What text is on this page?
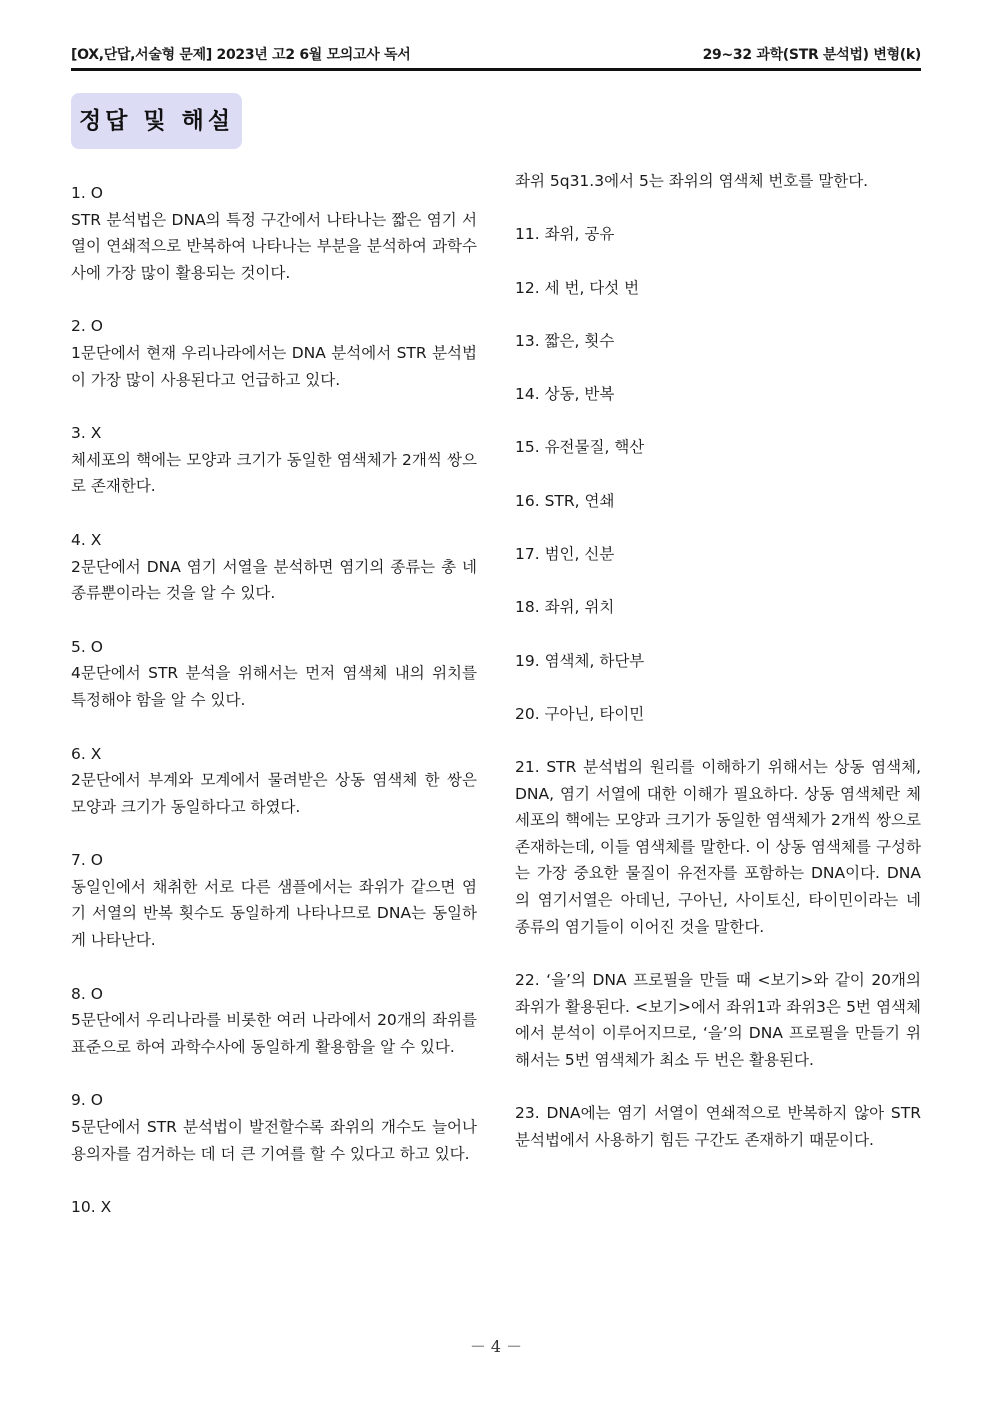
[OX,단답,서술형 문제] 2023년 고2 6월 모의고사 독서	29~32 과학(STR 분석법) 변형(k)
정답 및 해설
1. O
STR 분석법은 DNA의 특정 구간에서 나타나는 짧은 염기 서열이 연쇄적으로 반복하여 나타나는 부분을 분석하여 과학수사에 가장 많이 활용되는 것이다.
2. O
1문단에서 현재 우리나라에서는 DNA 분석에서 STR 분석법이 가장 많이 사용된다고 언급하고 있다.
3. X
체세포의 핵에는 모양과 크기가 동일한 염색체가 2개씩 쌍으로 존재한다.
4. X
2문단에서 DNA 염기 서열을 분석하면 염기의 종류는 총 네 종류뿐이라는 것을 알 수 있다.
5. O
4문단에서 STR 분석을 위해서는 먼저 염색체 내의 위치를 특정해야 함을 알 수 있다.
6. X
2문단에서 부계와 모계에서 물려받은 상동 염색체 한 쌍은 모양과 크기가 동일하다고 하였다.
7. O
동일인에서 채취한 서로 다른 샘플에서는 좌위가 같으면 염기 서열의 반복 횟수도 동일하게 나타나므로 DNA는 동일하게 나타난다.
8. O
5문단에서 우리나라를 비롯한 여러 나라에서 20개의 좌위를 표준으로 하여 과학수사에 동일하게 활용함을 알 수 있다.
9. O
5문단에서 STR 분석법이 발전할수록 좌위의 개수도 늘어나 용의자를 검거하는 데 더 큰 기여를 할 수 있다고 하고 있다.
10. X
좌위 5q31.3에서 5는 좌위의 염색체 번호를 말한다.
11. 좌위, 공유
12. 세 번, 다섯 번
13. 짧은, 횟수
14. 상동, 반복
15. 유전물질, 핵산
16. STR, 연쇄
17. 범인, 신분
18. 좌위, 위치
19. 염색체, 하단부
20. 구아닌, 타이민
21. STR 분석법의 원리를 이해하기 위해서는 상동 염색체, DNA, 염기 서열에 대한 이해가 필요하다. 상동 염색체란 체세포의 핵에는 모양과 크기가 동일한 염색체가 2개씩 쌍으로 존재하는데, 이들 염색체를 말한다. 이 상동 염색체를 구성하는 가장 중요한 물질이 유전자를 포함하는 DNA이다. DNA의 염기서열은 아데닌, 구아닌, 사이토신, 타이민이라는 네 종류의 염기들이 이어진 것을 말한다.
22. ‘을’의 DNA 프로필을 만들 때 <보기>와 같이 20개의 좌위가 활용된다. <보기>에서 좌위1과 좌위3은 5번 염색체에서 분석이 이루어지므로, ‘을’의 DNA 프로필을 만들기 위해서는 5번 염색체가 최소 두 번은 활용된다.
23. DNA에는 염기 서열이 연쇄적으로 반복하지 않아 STR 분석법에서 사용하기 힘든 구간도 존재하기 때문이다.
－ 4 －
